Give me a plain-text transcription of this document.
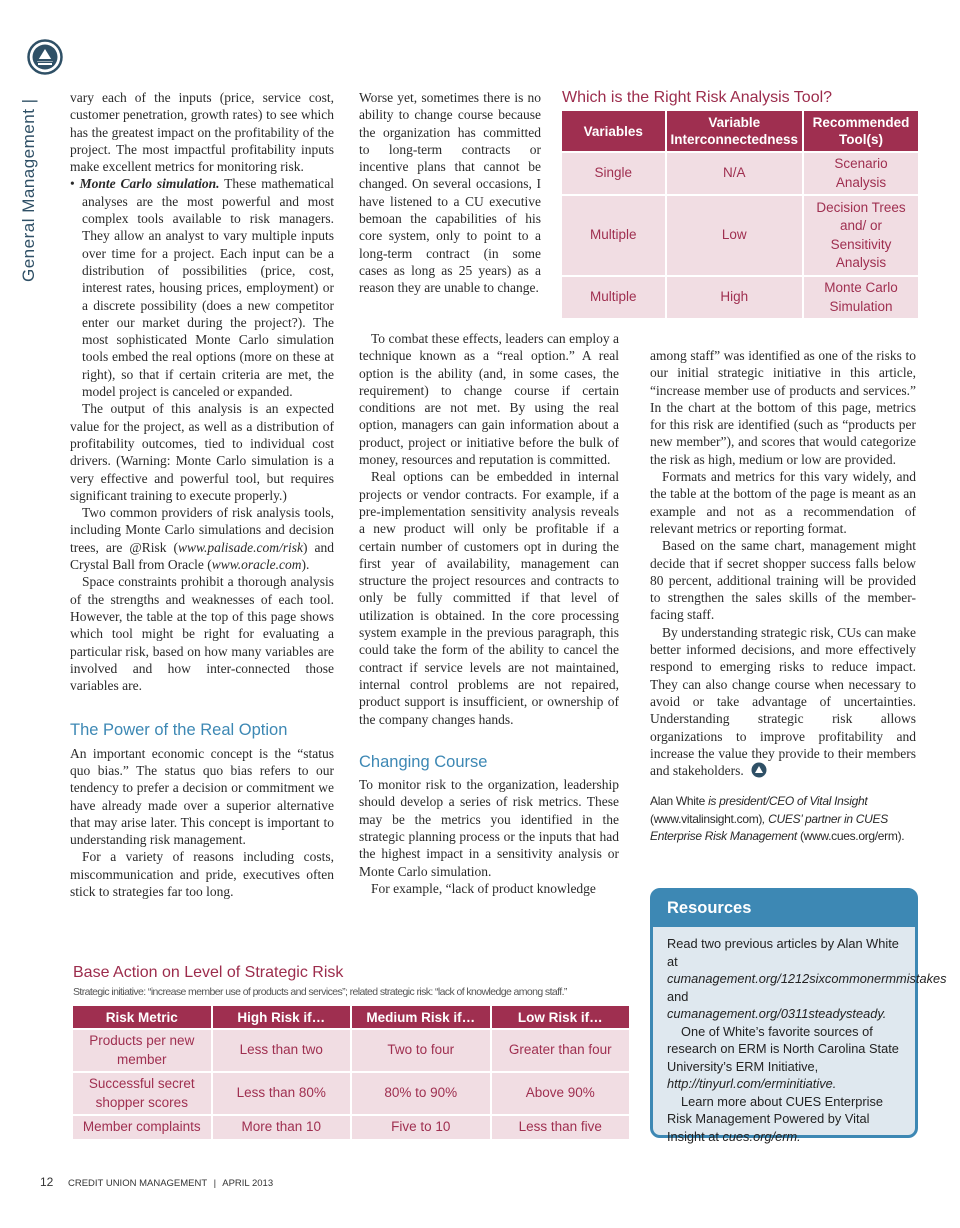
General Management |

vary each of the inputs (price, service cost, customer penetration, growth rates) to see which has the greatest impact on the profitability of the project. The most impactful profitability inputs make excellent metrics for monitoring risk.

• Monte Carlo simulation. These mathematical analyses are the most powerful and most complex tools available to risk managers. They allow an analyst to vary multiple inputs over time for a project. Each input can be a distribution of possibilities (price, cost, interest rates, housing prices, employment) or a discrete possibility (does a new competitor enter our market during the project?). The most sophisticated Monte Carlo simulation tools embed the real options (more on these at right), so that if certain criteria are met, the model project is canceled or expanded.

The output of this analysis is an expected value for the project, as well as a distribution of profitability outcomes, tied to individual cost drivers. (Warning: Monte Carlo simulation is a very effective and powerful tool, but requires significant training to execute properly.)

Two common providers of risk analysis tools, including Monte Carlo simulations and decision trees, are @Risk (www.palisade.com/risk) and Crystal Ball from Oracle (www.oracle.com).

Space constraints prohibit a thorough analysis of the strengths and weaknesses of each tool. However, the table at the top of this page shows which tool might be right for evaluating a particular risk, based on how many variables are involved and how inter-connected those variables are.

The Power of the Real Option

An important economic concept is the “status quo bias.” The status quo bias refers to our tendency to prefer a decision or commitment we have already made over a superior alternative that may arise later. This concept is important to understanding risk management.

For a variety of reasons including costs, miscommunication and pride, executives often stick to strategies far too long.

Worse yet, sometimes there is no ability to change course because the organization has committed to long-term contracts or incentive plans that cannot be changed. On several occasions, I have listened to a CU executive bemoan the capabilities of his core system, only to point to a long-term contract (in some cases as long as 25 years) as a reason they are unable to change.

To combat these effects, leaders can employ a technique known as a “real option.” A real option is the ability (and, in some cases, the requirement) to change course if certain conditions are not met. By using the real option, managers can gain information about a product, project or initiative before the bulk of money, resources and reputation is committed.

Real options can be embedded in internal projects or vendor contracts. For example, if a pre-implementation sensitivity analysis reveals a new product will only be profitable if a certain number of customers opt in during the first year of availability, management can structure the project resources and contracts to only be fully committed if that level of utilization is obtained. In the core processing system example in the previous paragraph, this could take the form of the ability to cancel the contract if service levels are not maintained, internal control problems are not repaired, product support is insufficient, or ownership of the company changes hands.

Changing Course

To monitor risk to the organization, leadership should develop a series of risk metrics. These may be the metrics you identified in the strategic planning process or the inputs that had the highest impact in a sensitivity analysis or Monte Carlo simulation.

For example, “lack of product knowledge

among staff” was identified as one of the risks to our initial strategic initiative in this article, “increase member use of products and services.” In the chart at the bottom of this page, metrics for this risk are identified (such as “products per new member”), and scores that would categorize the risk as high, medium or low are provided.

Formats and metrics for this vary widely, and the table at the bottom of the page is meant as an example and not as a recommendation of relevant metrics or reporting format.

Based on the same chart, management might decide that if secret shopper success falls below 80 percent, additional training will be provided to strengthen the sales skills of the member-facing staff.

By understanding strategic risk, CUs can make better informed decisions, and more effectively respond to emerging risks to reduce impact. They can also change course when necessary to avoid or take advantage of uncertainties. Understanding strategic risk allows organizations to improve profitability and increase the value they provide to their members and stakeholders.

Alan White is president/CEO of Vital Insight (www.vitalinsight.com), CUES’ partner in CUES Enterprise Risk Management (www.cues.org/erm).

Which is the Right Risk Analysis Tool?
Variables	Variable Interconnectedness	Recommended Tool(s)
Single	N/A	Scenario Analysis
Multiple	Low	Decision Trees and/ or Sensitivity Analysis
Multiple	High	Monte Carlo Simulation
Base Action on Level of Strategic Risk
Strategic initiative: “increase member use of products and services”; related strategic risk: “lack of knowledge among staff.”
Risk Metric	High Risk if…	Medium Risk if…	Low Risk if…
Products per new member	Less than two	Two to four	Greater than four
Successful secret shopper scores	Less than 80%	80% to 90%	Above 90%
Member complaints	More than 10	Five to 10	Less than five
Resources

Read two previous articles by Alan White at cumanagement.org/1212sixcommonermmistakes and cumanagement.org/0311steadysteady.

One of White’s favorite sources of research on ERM is North Carolina State University’s ERM Initiative, http://tinyurl.com/erminitiative.

Learn more about CUES Enterprise Risk Management Powered by Vital Insight at cues.org/erm.

12 CREDIT UNION MANAGEMENT | APRIL 2013
